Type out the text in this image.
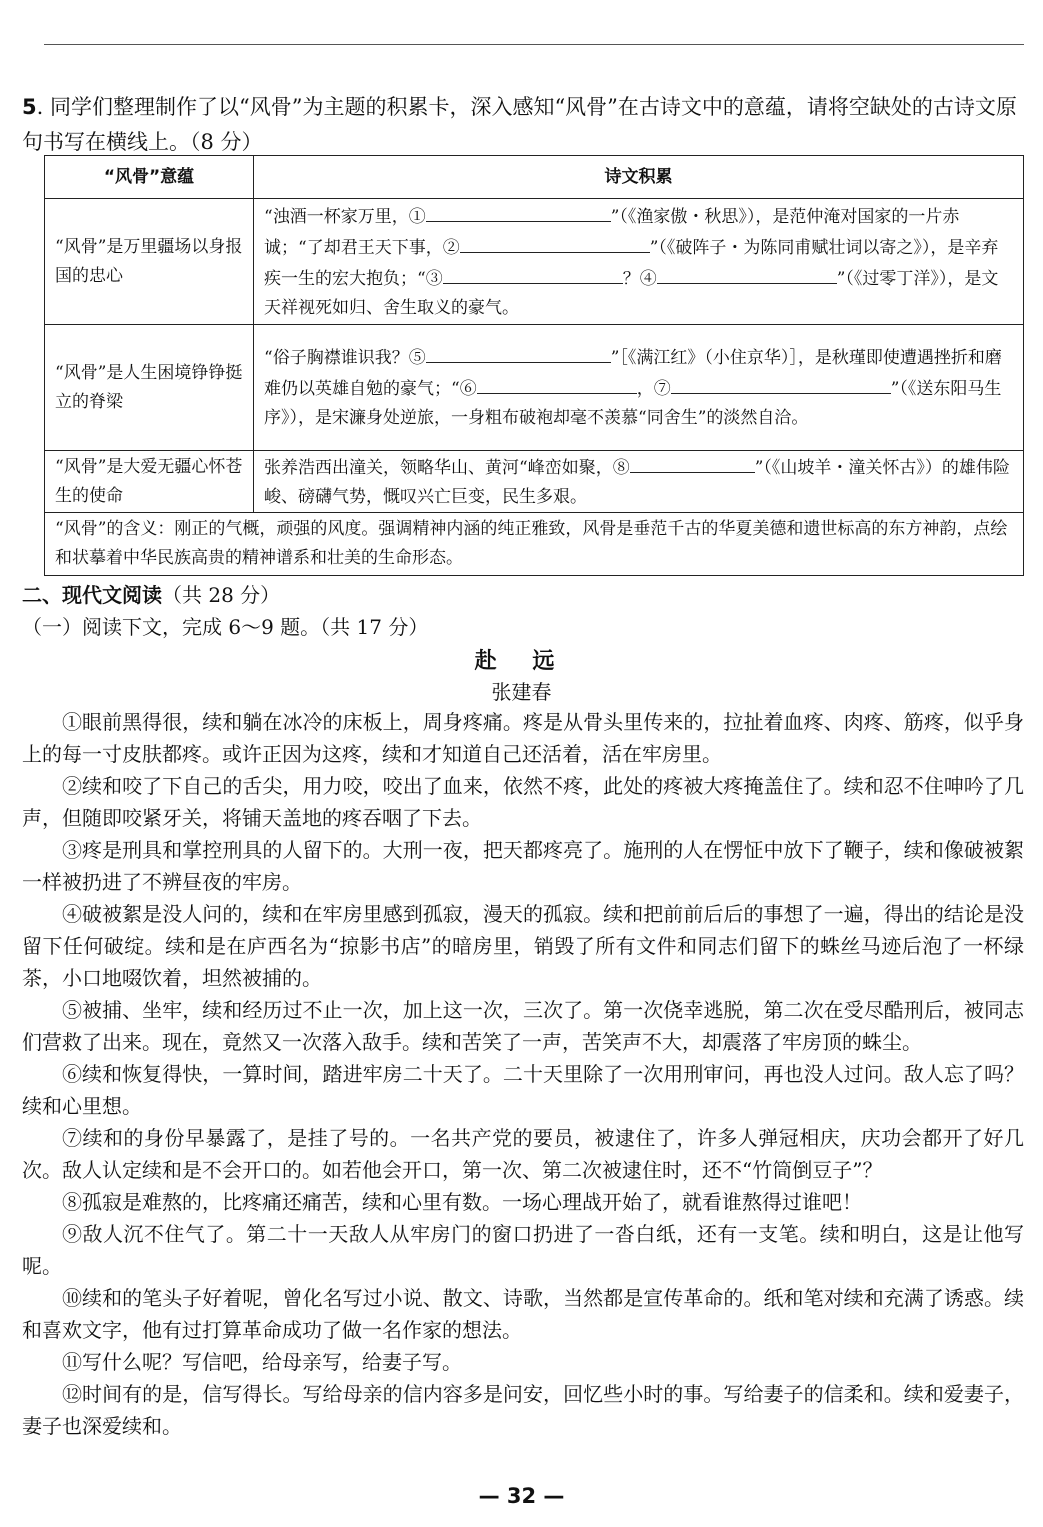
5. 同学们整理制作了以“风骨”为主题的积累卡，深入感知“风骨”在古诗文中的意蕴，请将空缺处的古诗文原句书写在横线上。（8 分）
“风骨”意蕴	诗文积累
“风骨”是万里疆场以身报国的忠心	“浊酒一杯家万里，① ”（《渔家傲・秋思》），是范仲淹对国家的一片赤诚；“了却君王天下事，② ”（《破阵子・为陈同甫赋壮词以寄之》），是辛弃疾一生的宏大抱负；“③ ？④ ”（《过零丁洋》），是文天祥视死如归、舍生取义的豪气。
“风骨”是人生困境铮铮挺立的脊梁	“俗子胸襟谁识我？⑤ ”［《满江红》（小住京华）］，是秋瑾即使遭遇挫折和磨难仍以英雄自勉的豪气；“⑥ ，⑦ ”（《送东阳马生序》），是宋濂身处逆旅，一身粗布破袍却毫不羡慕“同舍生”的淡然自洽。
“风骨”是大爱无疆心怀苍生的使命	张养浩西出潼关，领略华山、黄河“峰峦如聚，⑧ ”（《山坡羊・潼关怀古》）的雄伟险峻、磅礴气势，慨叹兴亡巨变，民生多艰。
“风骨”的含义：刚正的气概，顽强的风度。强调精神内涵的纯正雅致，风骨是垂范千古的华夏美德和遗世标高的东方神韵，点绘和状摹着中华民族高贵的精神谱系和壮美的生命形态。	
二、现代文阅读（共 28 分）
（一）阅读下文，完成 6～9 题。（共 17 分）
赴 远
张建春

①眼前黑得很，续和躺在冰冷的床板上，周身疼痛。疼是从骨头里传来的，拉扯着血疼、肉疼、筋疼，似乎身上的每一寸皮肤都疼。或许正因为这疼，续和才知道自己还活着，活在牢房里。

②续和咬了下自己的舌尖，用力咬，咬出了血来，依然不疼，此处的疼被大疼掩盖住了。续和忍不住呻吟了几声，但随即咬紧牙关，将铺天盖地的疼吞咽了下去。

③疼是刑具和掌控刑具的人留下的。大刑一夜，把天都疼亮了。施刑的人在愣怔中放下了鞭子，续和像破被絮一样被扔进了不辨昼夜的牢房。

④破被絮是没人问的，续和在牢房里感到孤寂，漫天的孤寂。续和把前前后后的事想了一遍，得出的结论是没留下任何破绽。续和是在庐西名为“掠影书店”的暗房里，销毁了所有文件和同志们留下的蛛丝马迹后泡了一杯绿茶，小口地啜饮着，坦然被捕的。

⑤被捕、坐牢，续和经历过不止一次，加上这一次，三次了。第一次侥幸逃脱，第二次在受尽酷刑后，被同志们营救了出来。现在，竟然又一次落入敌手。续和苦笑了一声，苦笑声不大，却震落了牢房顶的蛛尘。

⑥续和恢复得快，一算时间，踏进牢房二十天了。二十天里除了一次用刑审问，再也没人过问。敌人忘了吗？续和心里想。

⑦续和的身份早暴露了，是挂了号的。一名共产党的要员，被逮住了，许多人弹冠相庆，庆功会都开了好几次。敌人认定续和是不会开口的。如若他会开口，第一次、第二次被逮住时，还不“竹筒倒豆子”？

⑧孤寂是难熬的，比疼痛还痛苦，续和心里有数。一场心理战开始了，就看谁熬得过谁吧！

⑨敌人沉不住气了。第二十一天敌人从牢房门的窗口扔进了一沓白纸，还有一支笔。续和明白，这是让他写呢。

⑩续和的笔头子好着呢，曾化名写过小说、散文、诗歌，当然都是宣传革命的。纸和笔对续和充满了诱惑。续和喜欢文字，他有过打算革命成功了做一名作家的想法。

⑪写什么呢？写信吧，给母亲写，给妻子写。

⑫时间有的是，信写得长。写给母亲的信内容多是问安，回忆些小时的事。写给妻子的信柔和。续和爱妻子，妻子也深爱续和。

— 32 —
